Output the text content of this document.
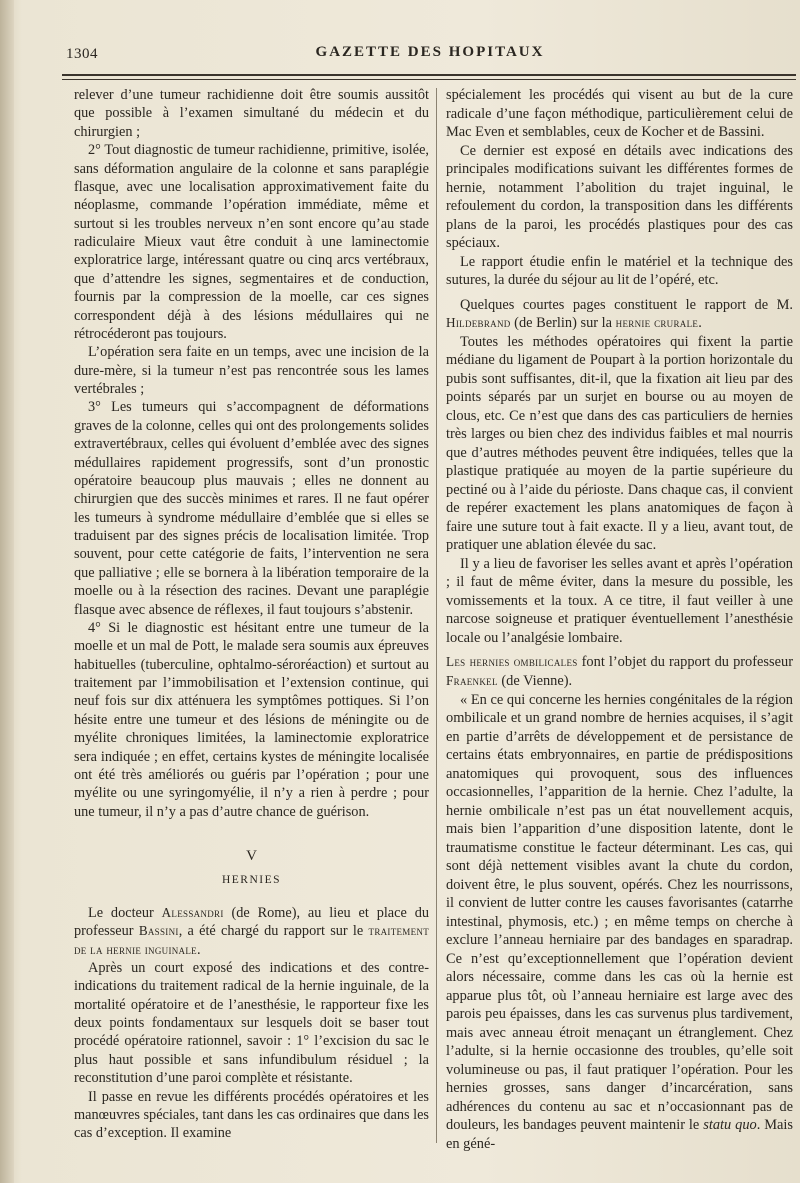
1304	GAZETTE DES HOPITAUX

relever d’une tumeur rachidienne doit être soumis aussitôt que possible à l’examen simultané du médecin et du chirurgien ;

2° Tout diagnostic de tumeur rachidienne, primitive, isolée, sans déformation angulaire de la colonne et sans paraplégie flasque, avec une localisation approximativement faite du néoplasme, commande l’opération immédiate, même et surtout si les troubles nerveux n’en sont encore qu’au stade radiculaire Mieux vaut être conduit à une laminectomie exploratrice large, intéressant quatre ou cinq arcs vertébraux, que d’attendre les signes, segmentaires et de conduction, fournis par la compression de la moelle, car ces signes correspondent déjà à des lésions médullaires qui ne rétrocéderont pas toujours.

L’opération sera faite en un temps, avec une incision de la dure-mère, si la tumeur n’est pas rencontrée sous les lames vertébrales ;

3° Les tumeurs qui s’accompagnent de déformations graves de la colonne, celles qui ont des prolongements solides extravertébraux, celles qui évoluent d’emblée avec des signes médullaires rapidement progressifs, sont d’un pronostic opératoire beaucoup plus mauvais ; elles ne donnent au chirurgien que des succès minimes et rares. Il ne faut opérer les tumeurs à syndrome médullaire d’emblée que si elles se traduisent par des signes précis de localisation limitée. Trop souvent, pour cette catégorie de faits, l’intervention ne sera que palliative ; elle se bornera à la libération temporaire de la moelle ou à la résection des racines. Devant une paraplégie flasque avec absence de réflexes, il faut toujours s’abstenir.

4° Si le diagnostic est hésitant entre une tumeur de la moelle et un mal de Pott, le malade sera soumis aux épreuves habituelles (tuberculine, ophtalmo-séroréaction) et surtout au traitement par l’immobilisation et l’extension continue, qui neuf fois sur dix atténuera les symptômes pottiques. Si l’on hésite entre une tumeur et des lésions de méningite ou de myélite chroniques limitées, la laminectomie exploratrice sera indiquée ; en effet, certains kystes de méningite localisée ont été très améliorés ou guéris par l’opération ; pour une myélite ou une syringomyélie, il n’y a rien à perdre ; pour une tumeur, il n’y a pas d’autre chance de guérison.

V
HERNIES

Le docteur Alessandri (de Rome), au lieu et place du professeur Bassini, a été chargé du rapport sur le traitement de la hernie inguinale.

Après un court exposé des indications et des contre-indications du traitement radical de la hernie inguinale, de la mortalité opératoire et de l’anesthésie, le rapporteur fixe les deux points fondamentaux sur lesquels doit se baser tout procédé opératoire rationnel, savoir : 1° l’excision du sac le plus haut possible et sans infundibulum résiduel ; la reconstitution d’une paroi complète et résistante.

Il passe en revue les différents procédés opératoires et les manœuvres spéciales, tant dans les cas ordinaires que dans les cas d’exception. Il examine

spécialement les procédés qui visent au but de la cure radicale d’une façon méthodique, particulièrement celui de Mac Even et semblables, ceux de Kocher et de Bassini.

Ce dernier est exposé en détails avec indications des principales modifications suivant les différentes formes de hernie, notamment l’abolition du trajet inguinal, le refoulement du cordon, la transposition dans les différents plans de la paroi, les procédés plastiques pour des cas spéciaux.

Le rapport étudie enfin le matériel et la technique des sutures, la durée du séjour au lit de l’opéré, etc.

Quelques courtes pages constituent le rapport de M. Hildebrand (de Berlin) sur la hernie crurale.

Toutes les méthodes opératoires qui fixent la partie médiane du ligament de Poupart à la portion horizontale du pubis sont suffisantes, dit-il, que la fixation ait lieu par des points séparés par un surjet en bourse ou au moyen de clous, etc. Ce n’est que dans des cas particuliers de hernies très larges ou bien chez des individus faibles et mal nourris que d’autres méthodes peuvent être indiquées, telles que la plastique pratiquée au moyen de la partie supérieure du pectiné ou à l’aide du périoste. Dans chaque cas, il convient de repérer exactement les plans anatomiques de façon à faire une suture tout à fait exacte. Il y a lieu, avant tout, de pratiquer une ablation élevée du sac.

Il y a lieu de favoriser les selles avant et après l’opération ; il faut de même éviter, dans la mesure du possible, les vomissements et la toux. A ce titre, il faut veiller à une narcose soigneuse et pratiquer éventuellement l’anesthésie locale ou l’analgésie lombaire.

Les hernies ombilicales font l’objet du rapport du professeur Fraenkel (de Vienne).

« En ce qui concerne les hernies congénitales de la région ombilicale et un grand nombre de hernies acquises, il s’agit en partie d’arrêts de développement et de persistance de certains états embryonnaires, en partie de prédispositions anatomiques qui provoquent, sous des influences occasionnelles, l’apparition de la hernie. Chez l’adulte, la hernie ombilicale n’est pas un état nouvellement acquis, mais bien l’apparition d’une disposition latente, dont le traumatisme constitue le facteur déterminant. Les cas, qui sont déjà nettement visibles avant la chute du cordon, doivent être, le plus souvent, opérés. Chez les nourrissons, il convient de lutter contre les causes favorisantes (catarrhe intestinal, phymosis, etc.) ; en même temps on cherche à exclure l’anneau herniaire par des bandages en sparadrap. Ce n’est qu’exceptionnellement que l’opération devient alors nécessaire, comme dans les cas où la hernie est apparue plus tôt, où l’anneau herniaire est large avec des parois peu épaisses, dans les cas survenus plus tardivement, mais avec anneau étroit menaçant un étranglement. Chez l’adulte, si la hernie occasionne des troubles, qu’elle soit volumineuse ou pas, il faut pratiquer l’opération. Pour les hernies grosses, sans danger d’incarcération, sans adhérences du contenu au sac et n’occasionnant pas de douleurs, les bandages peuvent maintenir le statu quo. Mais en géné-
